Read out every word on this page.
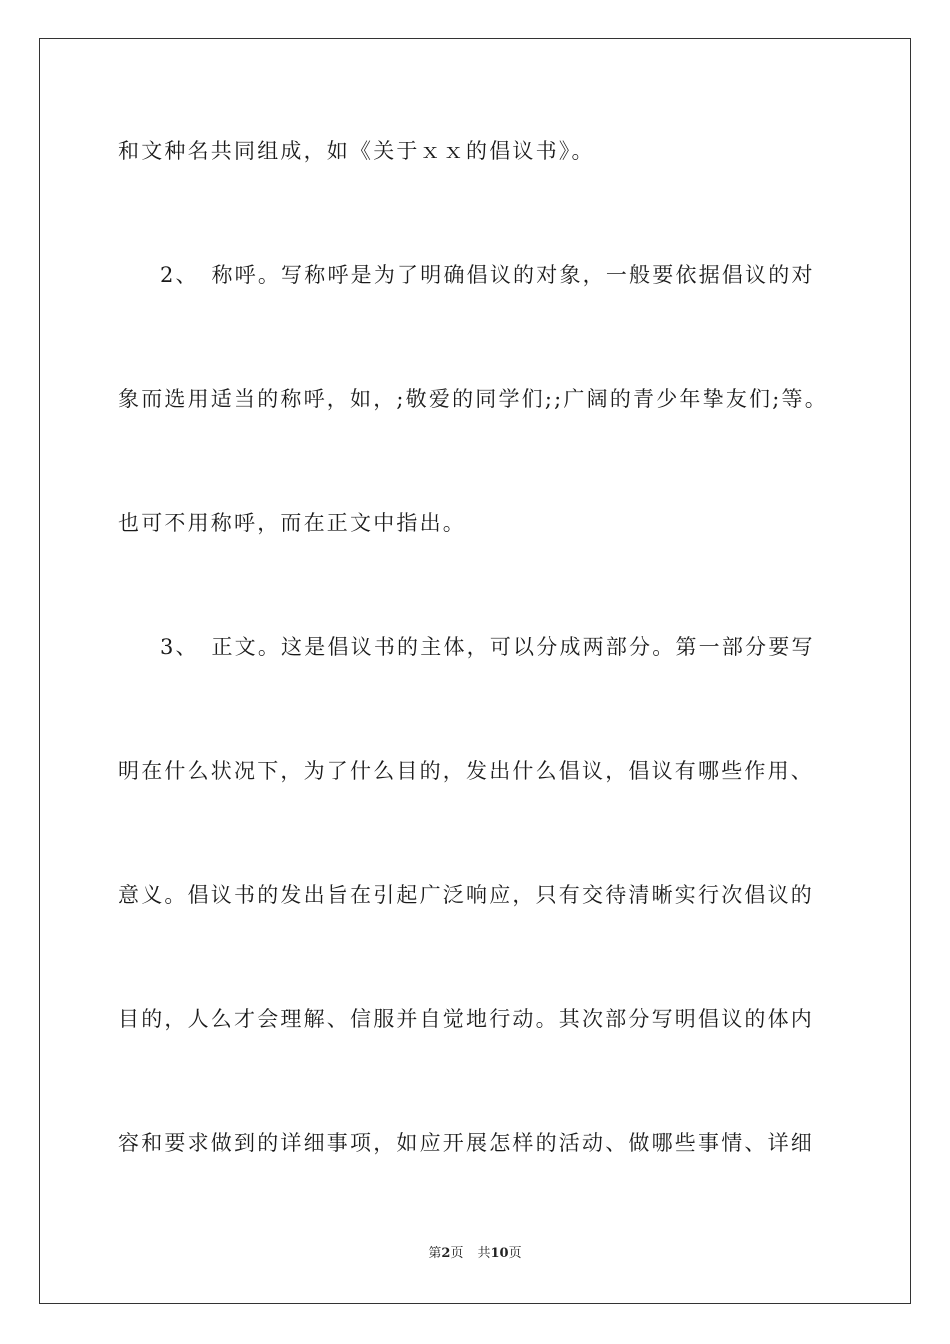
和文种名共同组成，如《关于ｘｘ的倡议书》。
2、　称呼。写称呼是为了明确倡议的对象，一般要依据倡议的对
象而选用适当的称呼，如，;敬爱的同学们;;广阔的青少年挚友们;等。
也可不用称呼，而在正文中指出。
3、　正文。这是倡议书的主体，可以分成两部分。第一部分要写
明在什么状况下，为了什么目的，发出什么倡议，倡议有哪些作用、
意义。倡议书的发出旨在引起广泛响应，只有交待清晰实行次倡议的
目的，人么才会理解、信服并自觉地行动。其次部分写明倡议的体内
容和要求做到的详细事项，如应开展怎样的活动、做哪些事情、详细
第2页 共10页
